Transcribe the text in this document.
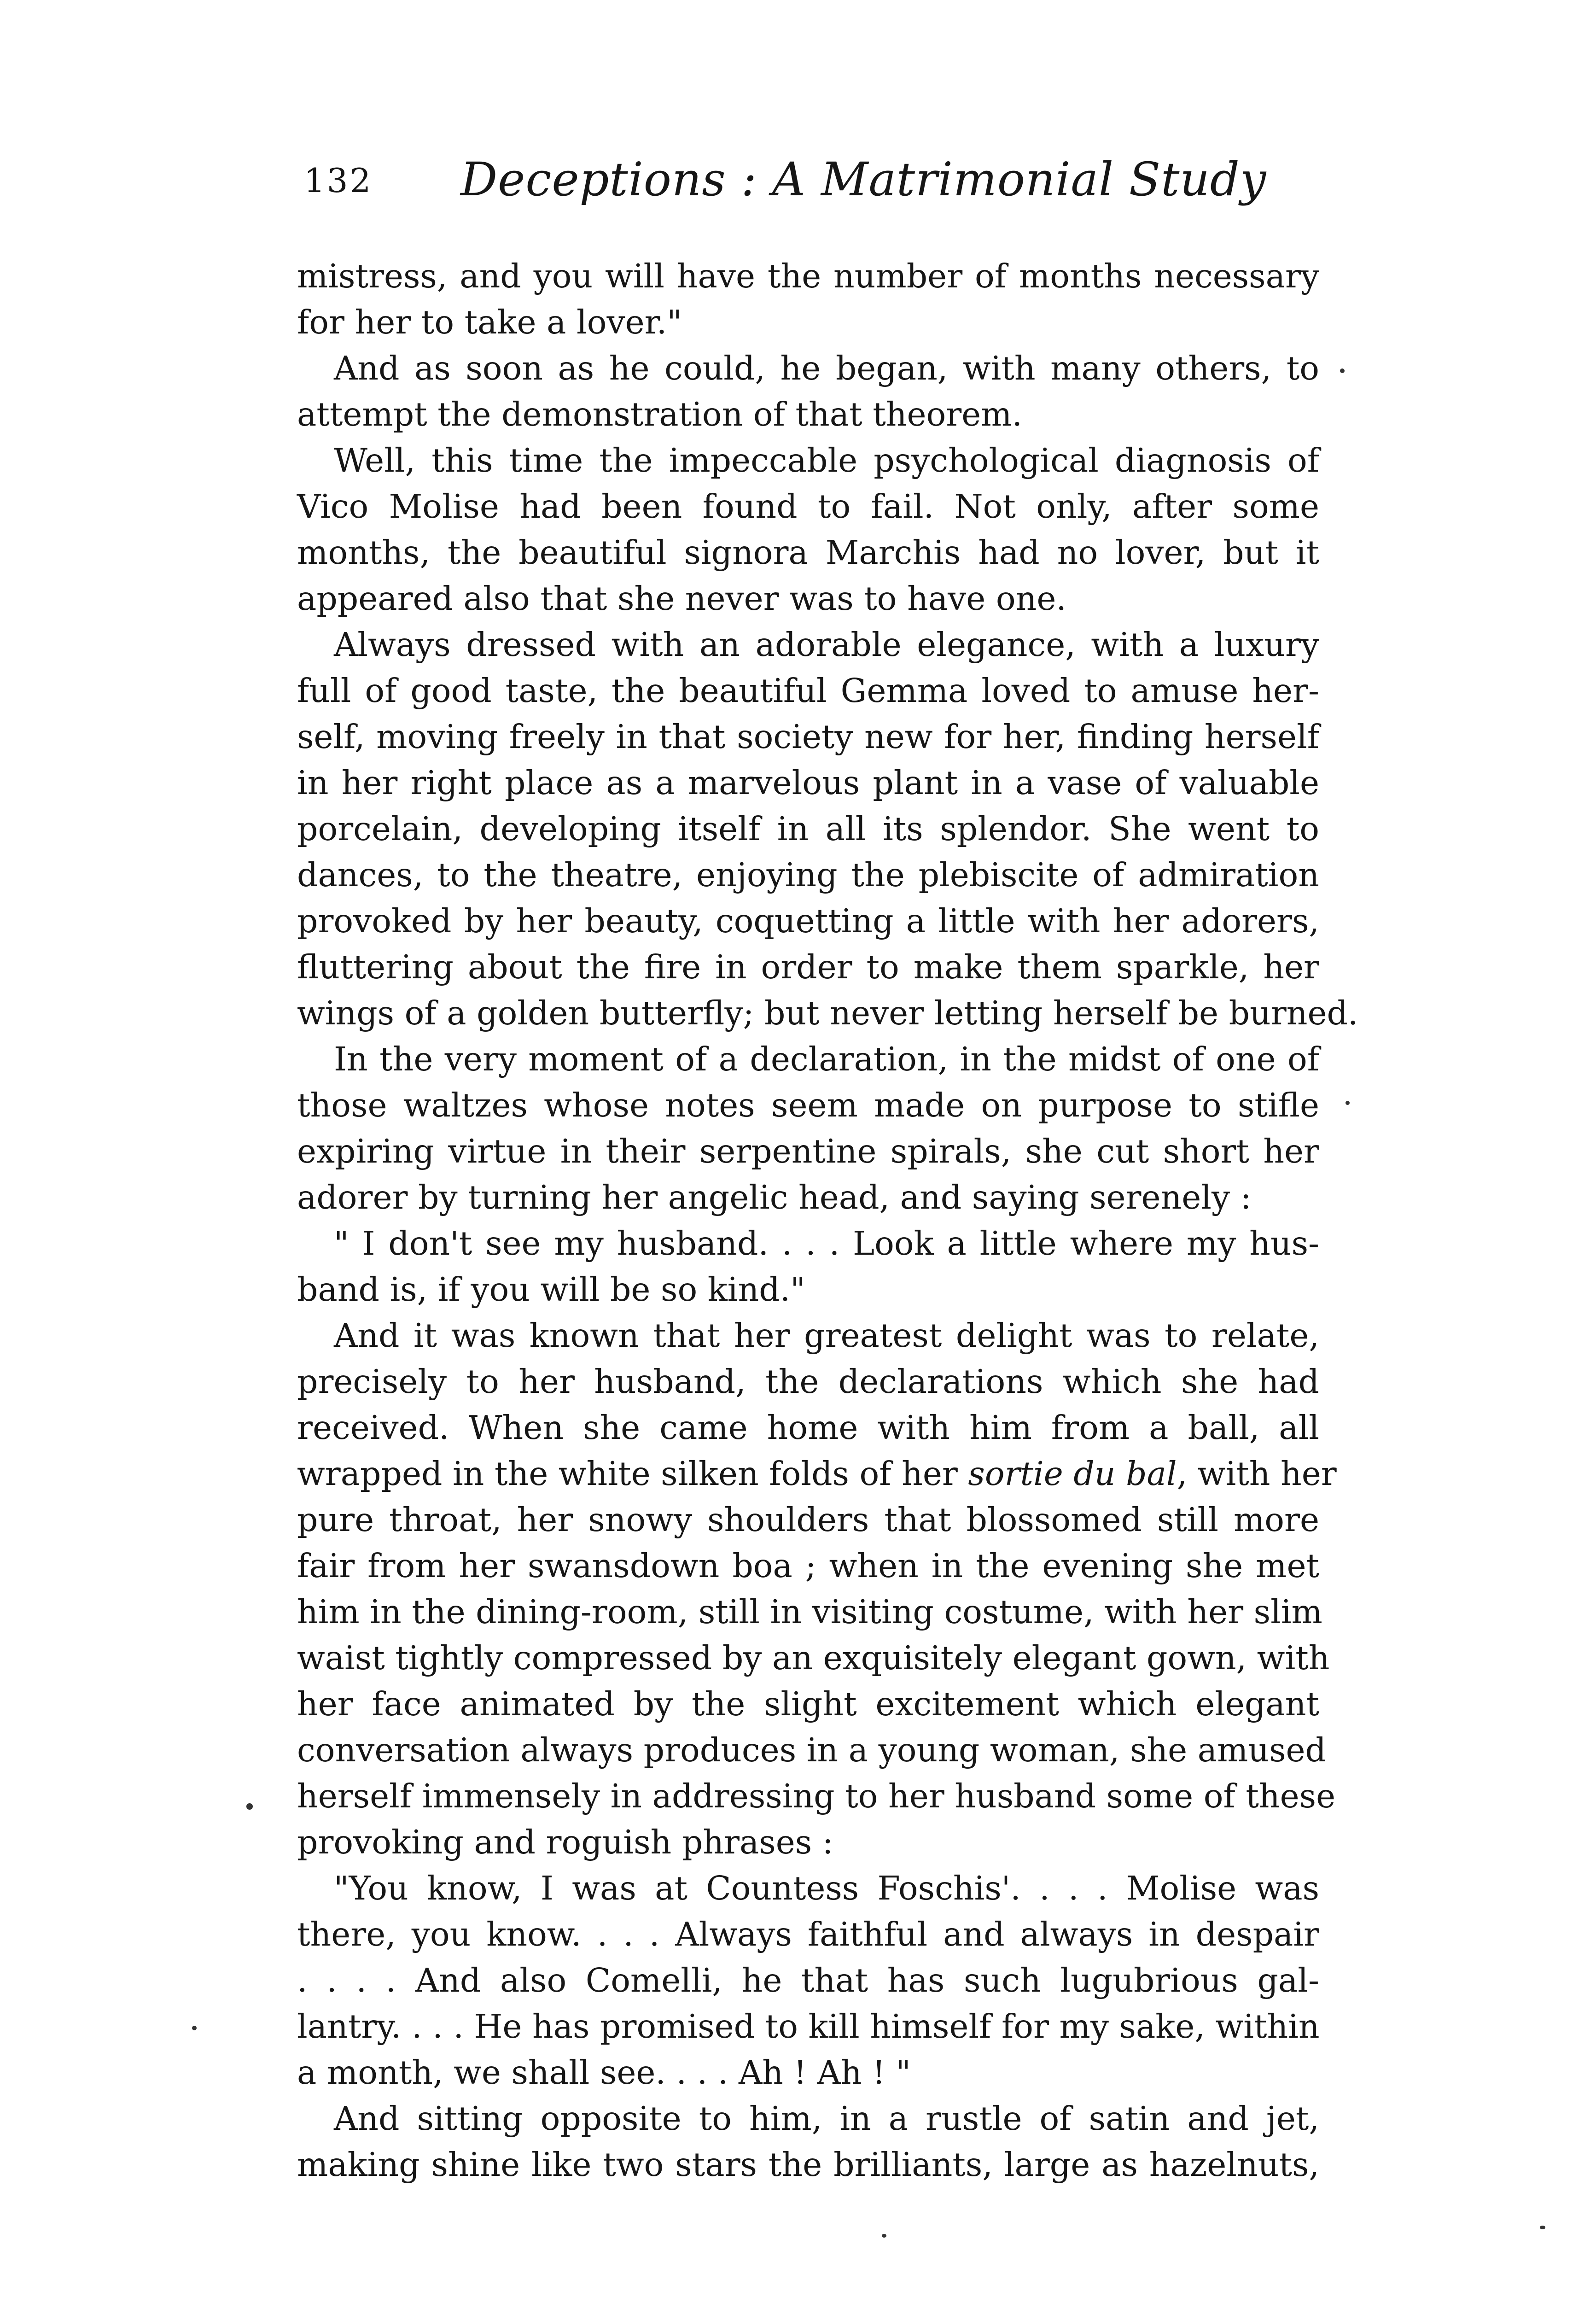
132 Deceptions : A Matrimonial Study
mistress, and you will have the number of months necessary
for her to take a lover."
And as soon as he could, he began, with many others, to
attempt the demonstration of that theorem.
Well, this time the impeccable psychological diagnosis of
Vico Molise had been found to fail. Not only, after some
months, the beautiful signora Marchis had no lover, but it
appeared also that she never was to have one.
Always dressed with an adorable elegance, with a luxury
full of good taste, the beautiful Gemma loved to amuse her-
self, moving freely in that society new for her, finding herself
in her right place as a marvelous plant in a vase of valuable
porcelain, developing itself in all its splendor. She went to
dances, to the theatre, enjoying the plebiscite of admiration
provoked by her beauty, coquetting a little with her adorers,
fluttering about the fire in order to make them sparkle, her
wings of a golden butterfly; but never letting herself be burned.
In the very moment of a declaration, in the midst of one of
those waltzes whose notes seem made on purpose to stifle
expiring virtue in their serpentine spirals, she cut short her
adorer by turning her angelic head, and saying serenely :
" I don't see my husband. . . . Look a little where my hus-
band is, if you will be so kind."
And it was known that her greatest delight was to relate,
precisely to her husband, the declarations which she had
received. When she came home with him from a ball, all
wrapped in the white silken folds of her sortie du bal, with her
pure throat, her snowy shoulders that blossomed still more
fair from her swansdown boa ; when in the evening she met
him in the dining-room, still in visiting costume, with her slim
waist tightly compressed by an exquisitely elegant gown, with
her face animated by the slight excitement which elegant
conversation always produces in a young woman, she amused
herself immensely in addressing to her husband some of these
provoking and roguish phrases :
"You know, I was at Countess Foschis'. . . . Molise was
there, you know. . . . Always faithful and always in despair
. . . . And also Comelli, he that has such lugubrious gal-
lantry. . . . He has promised to kill himself for my sake, within
a month, we shall see. . . . Ah ! Ah ! "
And sitting opposite to him, in a rustle of satin and jet,
making shine like two stars the brilliants, large as hazelnuts,
